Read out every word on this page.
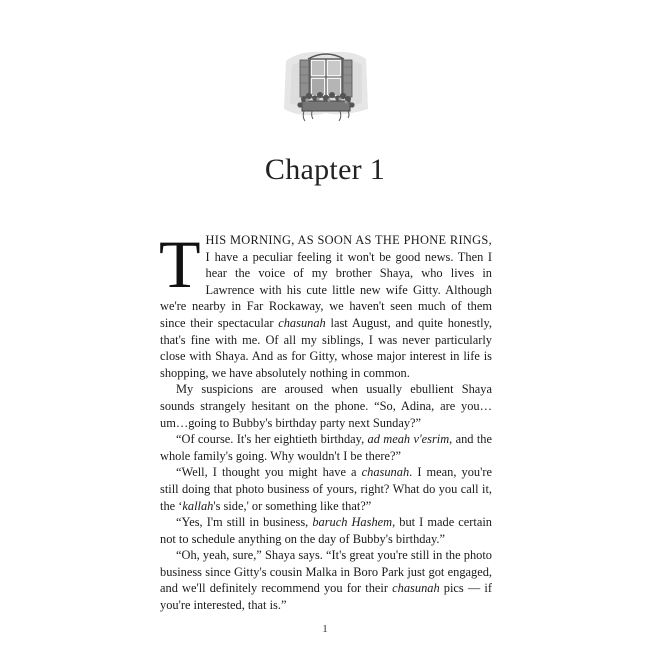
Chapter 1

THIS MORNING, AS SOON AS THE PHONE RINGS, I have a peculiar feeling it won't be good news. Then I hear the voice of my brother Shaya, who lives in Lawrence with his cute little new wife Gitty. Although we're nearby in Far Rockaway, we haven't seen much of them since their spectacular chasunah last August, and quite honestly, that's fine with me. Of all my siblings, I was never particularly close with Shaya. And as for Gitty, whose major interest in life is shopping, we have absolutely nothing in common.

My suspicions are aroused when usually ebullient Shaya sounds strangely hesitant on the phone. “So, Adina, are you…um…going to Bubby's birthday party next Sunday?”

“Of course. It's her eightieth birthday, ad meah v'esrim, and the whole family's going. Why wouldn't I be there?”

“Well, I thought you might have a chasunah. I mean, you're still doing that photo business of yours, right? What do you call it, the ‘kallah's side,' or something like that?”

“Yes, I'm still in business, baruch Hashem, but I made certain not to schedule anything on the day of Bubby's birthday.”

“Oh, yeah, sure,” Shaya says. “It's great you're still in the photo business since Gitty's cousin Malka in Boro Park just got engaged, and we'll definitely recommend you for their chasunah pics — if you're interested, that is.”

1
